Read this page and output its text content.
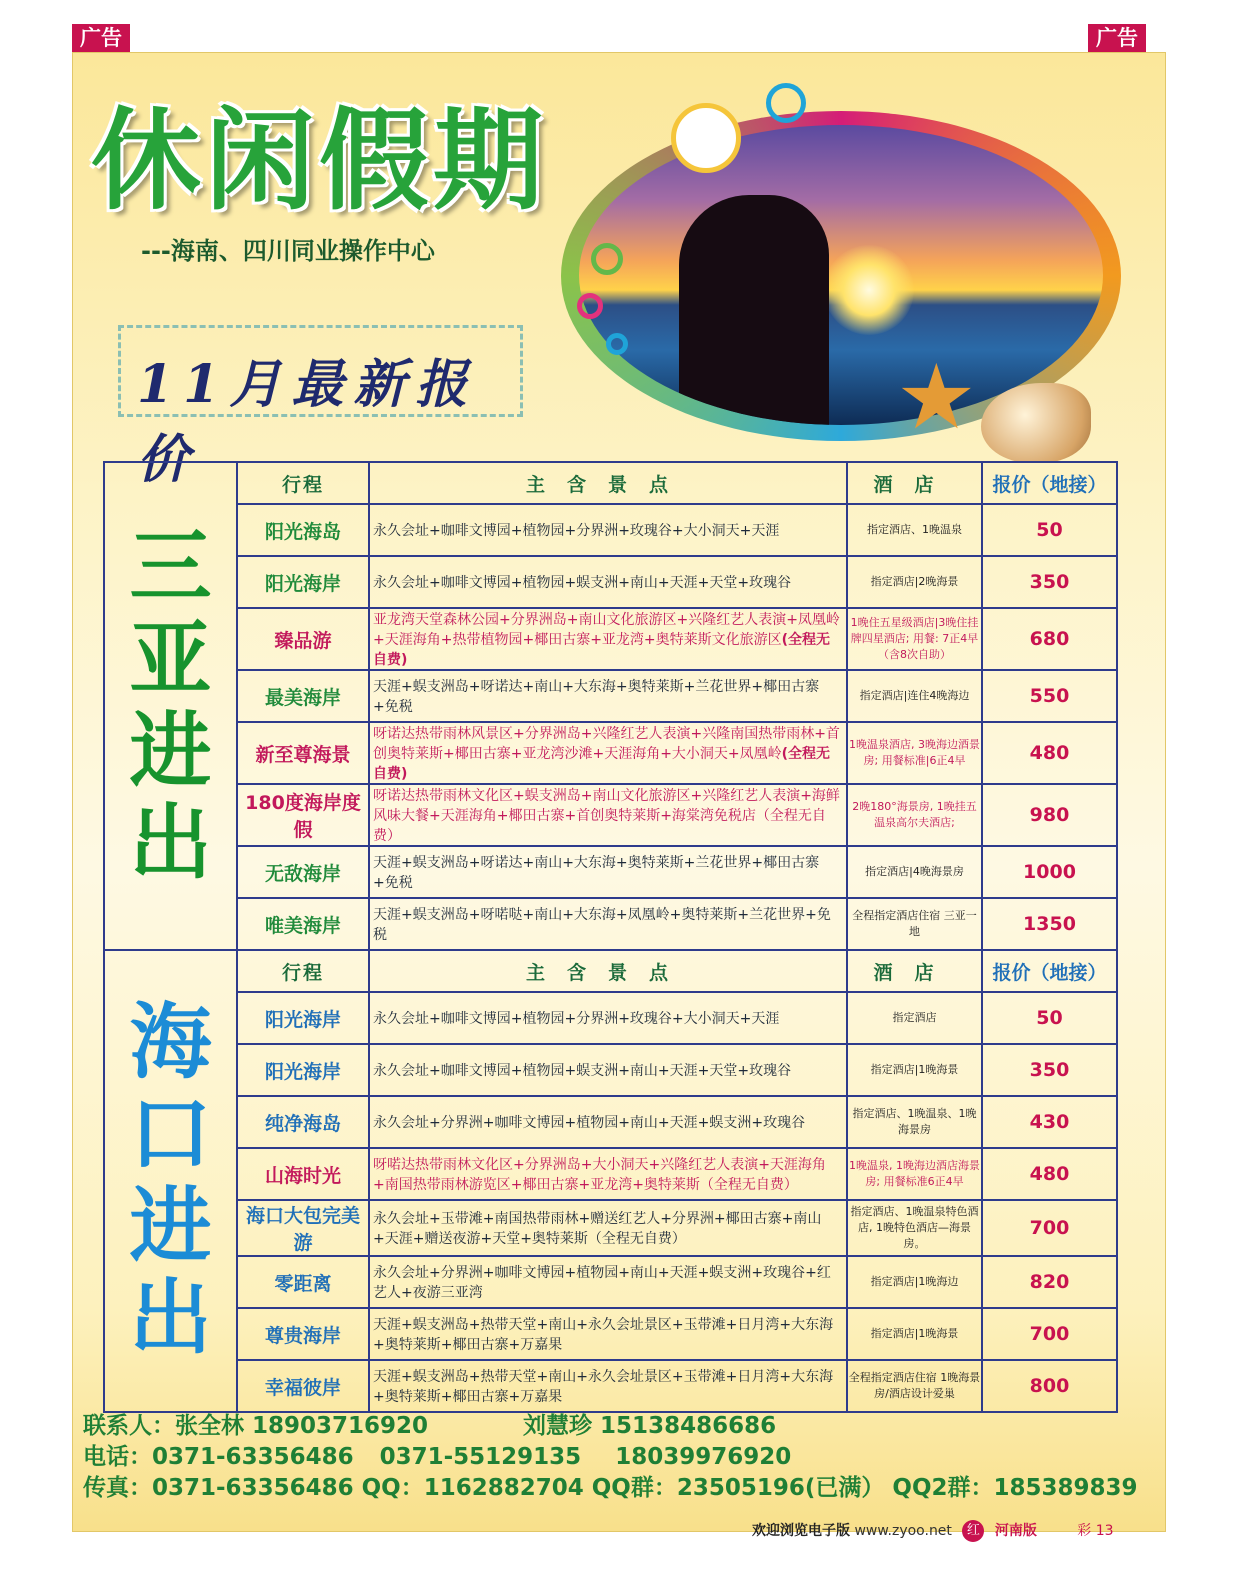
广告	广告
休闲假期
---海南、四川同业操作中心
11月最新报价
★
三亚进出	行程	主含景点	酒店	报价（地接）
	阳光海岛	永久会址+咖啡文博园+植物园+分界洲+玫瑰谷+大小洞天+天涯	指定酒店、1晚温泉	50
	阳光海岸	永久会址+咖啡文博园+植物园+蜈支洲+南山+天涯+天堂+玫瑰谷	指定酒店|2晚海景	350
	臻品游	亚龙湾天堂森林公园+分界洲岛+南山文化旅游区+兴隆红艺人表演+凤凰岭+天涯海角+热带植物园+椰田古寨+亚龙湾+奥特莱斯文化旅游区(全程无自费)	1晚住五星级酒店|3晚住挂牌四星酒店; 用餐: 7正4早（含8次自助）	680
	最美海岸	天涯+蜈支洲岛+呀诺达+南山+大东海+奥特莱斯+兰花世界+椰田古寨+免税	指定酒店|连住4晚海边	550
	新至尊海景	呀诺达热带雨林风景区+分界洲岛+兴隆红艺人表演+兴隆南国热带雨林+首创奥特莱斯+椰田古寨+亚龙湾沙滩+天涯海角+大小洞天+凤凰岭(全程无自费)	1晚温泉酒店, 3晚海边酒景房; 用餐标准|6正4早	480
	180度海岸度假	呀诺达热带雨林文化区+蜈支洲岛+南山文化旅游区+兴隆红艺人表演+海鲜风味大餐+天涯海角+椰田古寨+首创奥特莱斯+海棠湾免税店（全程无自费）	2晚180°海景房, 1晚挂五温泉高尔夫酒店;	980
	无敌海岸	天涯+蜈支洲岛+呀诺达+南山+大东海+奥特莱斯+兰花世界+椰田古寨+免税	指定酒店|4晚海景房	1000
	唯美海岸	天涯+蜈支洲岛+呀喏哒+南山+大东海+凤凰岭+奥特莱斯+兰花世界+免税	全程指定酒店住宿 三亚一地	1350
海口进出	行程	主含景点	酒店	报价（地接）
	阳光海岸	永久会址+咖啡文博园+植物园+分界洲+玫瑰谷+大小洞天+天涯	指定酒店	50
	阳光海岸	永久会址+咖啡文博园+植物园+蜈支洲+南山+天涯+天堂+玫瑰谷	指定酒店|1晚海景	350
	纯净海岛	永久会址+分界洲+咖啡文博园+植物园+南山+天涯+蜈支洲+玫瑰谷	指定酒店、1晚温泉、1晚海景房	430
	山海时光	呀喏达热带雨林文化区+分界洲岛+大小洞天+兴隆红艺人表演+天涯海角+南国热带雨林游览区+椰田古寨+亚龙湾+奥特莱斯（全程无自费）	1晚温泉, 1晚海边酒店海景房; 用餐标准6正4早	480
	海口大包完美游	永久会址+玉带滩+南国热带雨林+赠送红艺人+分界洲+椰田古寨+南山+天涯+赠送夜游+天堂+奥特莱斯（全程无自费）	指定酒店、1晚温泉特色酒店, 1晚特色酒店—海景房。	700
	零距离	永久会址+分界洲+咖啡文博园+植物园+南山+天涯+蜈支洲+玫瑰谷+红艺人+夜游三亚湾	指定酒店|1晚海边	820
	尊贵海岸	天涯+蜈支洲岛+热带天堂+南山+永久会址景区+玉带滩+日月湾+大东海+奥特莱斯+椰田古寨+万嘉果	指定酒店|1晚海景	700
	幸福彼岸	天涯+蜈支洲岛+热带天堂+南山+永久会址景区+玉带滩+日月湾+大东海+奥特莱斯+椰田古寨+万嘉果	全程指定酒店住宿 1晚海景房/酒店设计爱巢	800
联系人：张全林 18903716920	刘慧珍 15138486686
电话：0371-63356486 0371-55129135 18039976920
传真：0371-63356486 QQ：1162882704 QQ群：23505196(已满） QQ2群：185389839
欢迎浏览电子版 www.zyoo.net 红 河南版	彩 13
